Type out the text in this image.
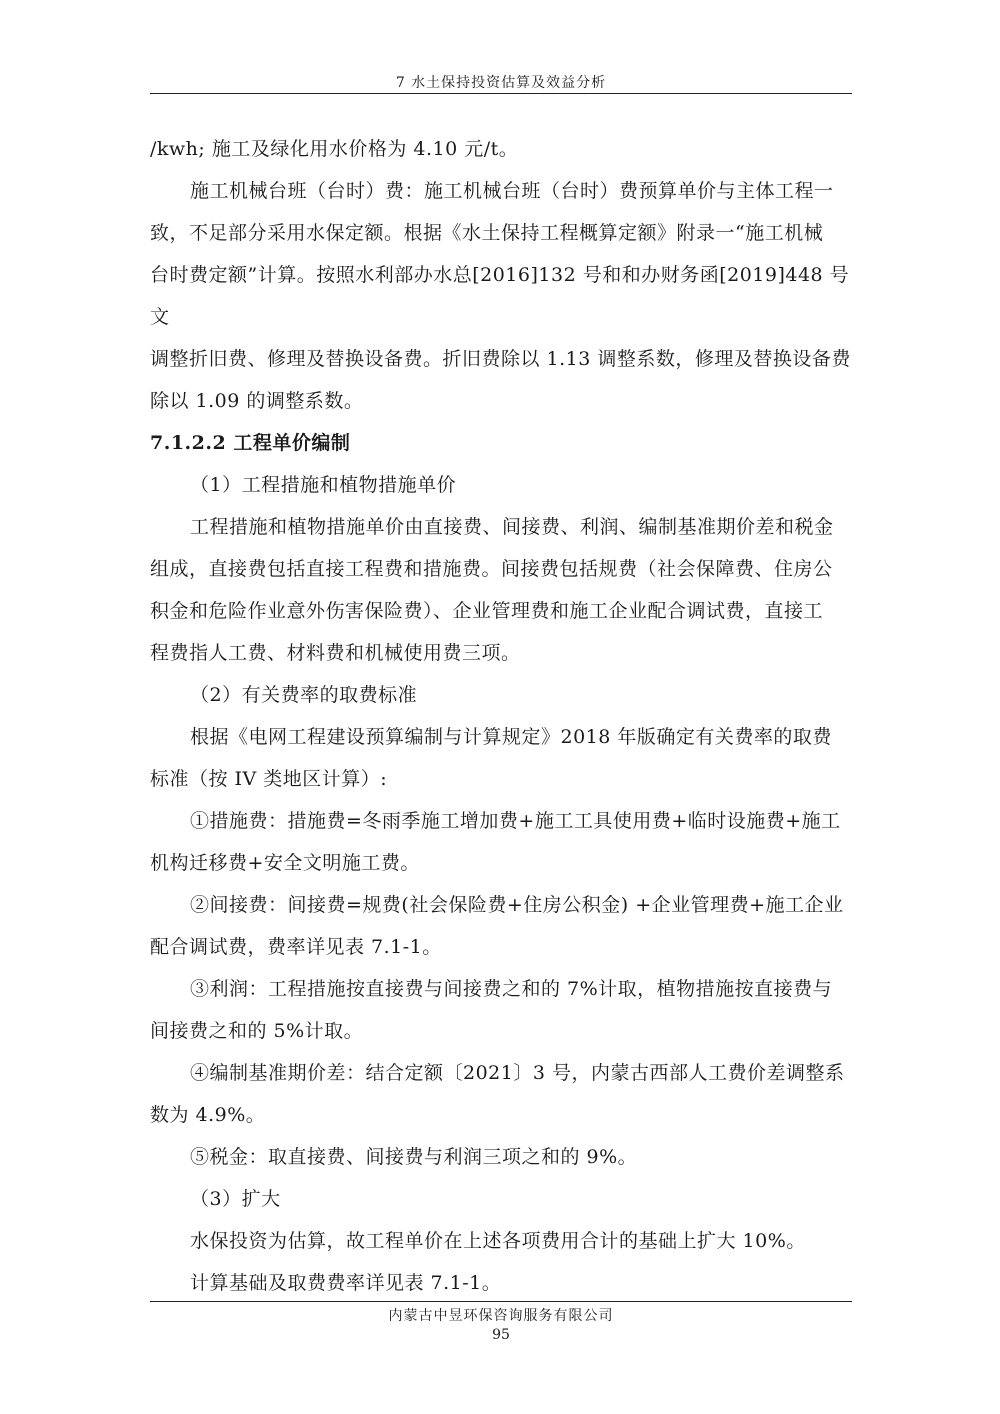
7 水土保持投资估算及效益分析

/kwh; 施工及绿化用水价格为 4.10 元/t。

施工机械台班（台时）费：施工机械台班（台时）费预算单价与主体工程一

致，不足部分采用水保定额。根据《水土保持工程概算定额》附录一“施工机械

台时费定额”计算。按照水利部办水总[2016]132 号和和办财务函[2019]448 号文

调整折旧费、修理及替换设备费。折旧费除以 1.13 调整系数，修理及替换设备费

除以 1.09 的调整系数。

7.1.2.2 工程单价编制

（1）工程措施和植物措施单价

工程措施和植物措施单价由直接费、间接费、利润、编制基准期价差和税金

组成，直接费包括直接工程费和措施费。间接费包括规费（社会保障费、住房公

积金和危险作业意外伤害保险费）、企业管理费和施工企业配合调试费，直接工

程费指人工费、材料费和机械使用费三项。

（2）有关费率的取费标准

根据《电网工程建设预算编制与计算规定》2018 年版确定有关费率的取费

标准（按 IV 类地区计算）:

①措施费：措施费=冬雨季施工增加费+施工工具使用费+临时设施费+施工

机构迁移费+安全文明施工费。

②间接费：间接费=规费(社会保险费+住房公积金) +企业管理费+施工企业

配合调试费，费率详见表 7.1-1。

③利润：工程措施按直接费与间接费之和的 7%计取，植物措施按直接费与

间接费之和的 5%计取。

④编制基准期价差：结合定额〔2021〕3 号，内蒙古西部人工费价差调整系

数为 4.9%。

⑤税金：取直接费、间接费与利润三项之和的 9%。

（3）扩大

水保投资为估算，故工程单价在上述各项费用合计的基础上扩大 10%。

计算基础及取费费率详见表 7.1-1。

内蒙古中昱环保咨询服务有限公司
95
